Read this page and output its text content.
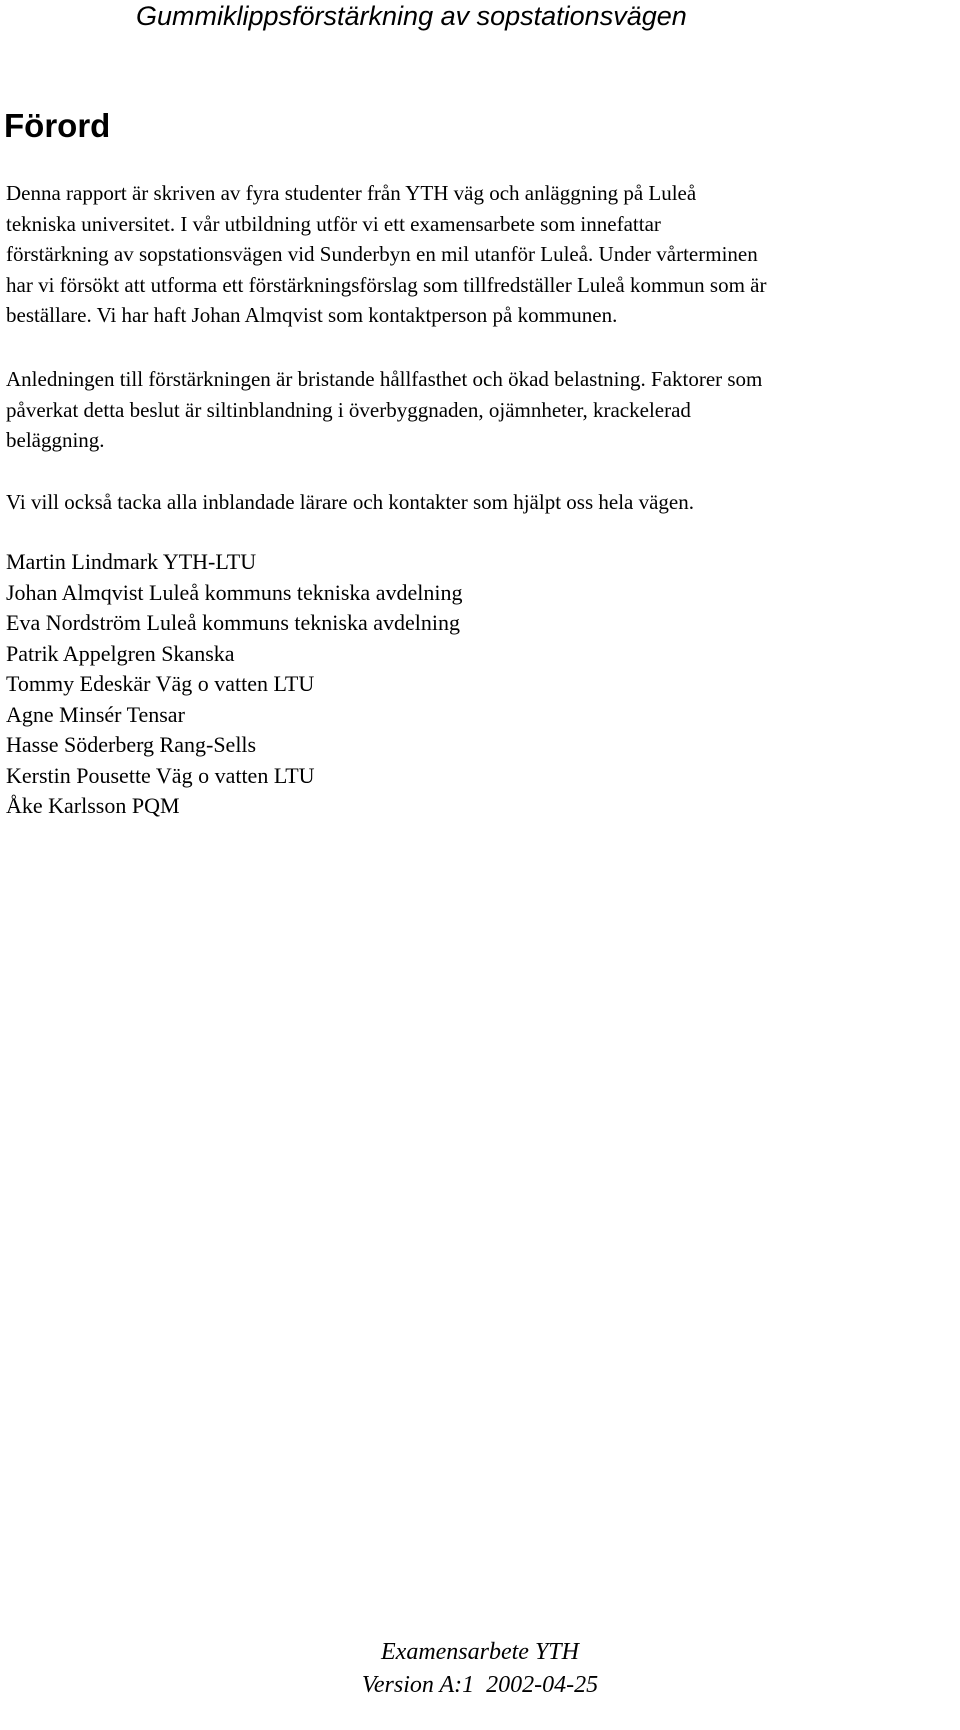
Gummiklippsförstärkning av sopstationsvägen
Förord

Denna rapport är skriven av fyra studenter från YTH väg och anläggning på Luleå
tekniska universitet. I vår utbildning utför vi ett examensarbete som innefattar
förstärkning av sopstationsvägen vid Sunderbyn en mil utanför Luleå. Under vårterminen
har vi försökt att utforma ett förstärkningsförslag som tillfredställer Luleå kommun som är
beställare. Vi har haft Johan Almqvist som kontaktperson på kommunen.

Anledningen till förstärkningen är bristande hållfasthet och ökad belastning. Faktorer som
påverkat detta beslut är siltinblandning i överbyggnaden, ojämnheter, krackelerad
beläggning.

Vi vill också tacka alla inblandade lärare och kontakter som hjälpt oss hela vägen.

Martin Lindmark YTH-LTU
Johan Almqvist Luleå kommuns tekniska avdelning
Eva Nordström Luleå kommuns tekniska avdelning
Patrik Appelgren Skanska
Tommy Edeskär Väg o vatten LTU
Agne Minsér Tensar
Hasse Söderberg Rang-Sells
Kerstin Pousette Väg o vatten LTU
Åke Karlsson PQM
Examensarbete YTH
Version A:1  2002-04-25
